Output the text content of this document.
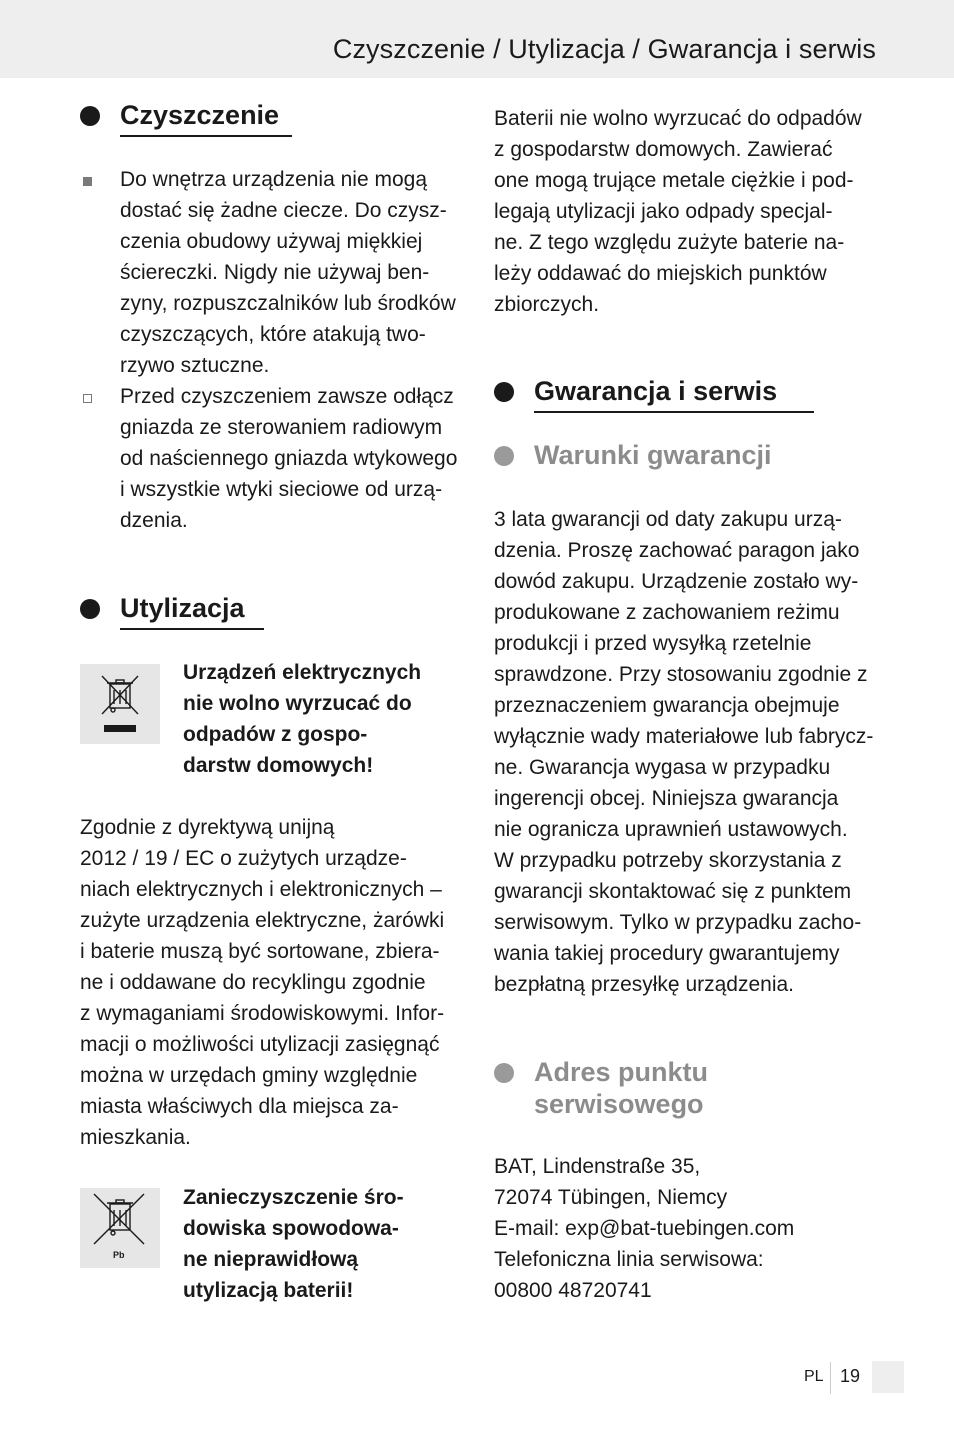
Czyszczenie / Utylizacja / Gwarancja i serwis
Czyszczenie
Do wnętrza urządzenia nie mogą
dostać się żadne ciecze. Do czysz-
czenia obudowy używaj miękkiej
ściereczki. Nigdy nie używaj ben-
zyny, rozpuszczalników lub środków
czyszczących, które atakują two-
rzywo sztuczne.
Przed czyszczeniem zawsze odłącz
gniazda ze sterowaniem radiowym
od naściennego gniazda wtykowego
i wszystkie wtyki sieciowe od urzą-
dzenia.
Utylizacja
Urządzeń elektrycznych
nie wolno wyrzucać do
odpadów z gospo-
darstw domowych!
Zgodnie z dyrektywą unijną
2012 / 19 / EC o zużytych urządze-
niach elektrycznych i elektronicznych –
zużyte urządzenia elektryczne, żarówki
i baterie muszą być sortowane, zbiera-
ne i oddawane do recyklingu zgodnie
z wymaganiami środowiskowymi. Infor-
macji o możliwości utylizacji zasięgnąć
można w urzędach gminy względnie
miasta właściwych dla miejsca za-
mieszkania.
Pb
Zanieczyszczenie śro-
dowiska spowodowa-
ne nieprawidłową
utylizacją baterii!
Baterii nie wolno wyrzucać do odpadów
z gospodarstw domowych. Zawierać
one mogą trujące metale ciężkie i pod-
legają utylizacji jako odpady specjal-
ne. Z tego względu zużyte baterie na-
leży oddawać do miejskich punktów
zbiorczych.
Gwarancja i serwis
Warunki gwarancji
3 lata gwarancji od daty zakupu urzą-
dzenia. Proszę zachować paragon jako
dowód zakupu. Urządzenie zostało wy-
produkowane z zachowaniem reżimu
produkcji i przed wysyłką rzetelnie
sprawdzone. Przy stosowaniu zgodnie z
przeznaczeniem gwarancja obejmuje
wyłącznie wady materiałowe lub fabrycz-
ne. Gwarancja wygasa w przypadku
ingerencji obcej. Niniejsza gwarancja
nie ogranicza uprawnień ustawowych.
W przypadku potrzeby skorzystania z
gwarancji skontaktować się z punktem
serwisowym. Tylko w przypadku zacho-
wania takiej procedury gwarantujemy
bezpłatną przesyłkę urządzenia.
Adres punktu
serwisowego
BAT, Lindenstraße 35,
72074 Tübingen, Niemcy
E-mail: exp@bat-tuebingen.com
Telefoniczna linia serwisowa:
00800 48720741
PL 19
